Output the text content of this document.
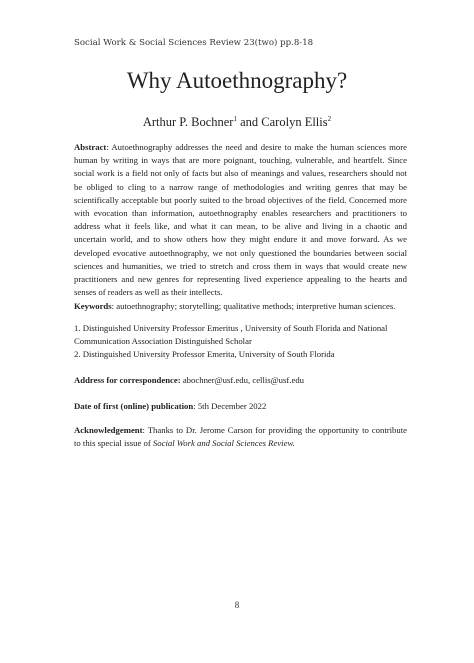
Social Work & Social Sciences Review 23(two) pp.8-18
Why Autoethnography?
Arthur P. Bochner$^1$ and Carolyn Ellis$^2$
Abstract: Autoethnography addresses the need and desire to make the human sciences more human by writing in ways that are more poignant, touching, vulnerable, and heartfelt. Since social work is a field not only of facts but also of meanings and values, researchers should not be obliged to cling to a narrow range of methodologies and writing genres that may be scientifically acceptable but poorly suited to the broad objectives of the field. Concerned more with evocation than information, autoethnography enables researchers and practitioners to address what it feels like, and what it can mean, to be alive and living in a chaotic and uncertain world, and to show others how they might endure it and move forward. As we developed evocative autoethnography, we not only questioned the boundaries between social sciences and humanities, we tried to stretch and cross them in ways that would create new practitioners and new genres for representing lived experience appealing to the hearts and senses of readers as well as their intellects.
Keywords: autoethnography; storytelling; qualitative methods; interpretive human sciences.
1. Distinguished University Professor Emeritus , University of South Florida and National Communication Association Distinguished Scholar
2. Distinguished University Professor Emerita, University of South Florida
Address for correspondence: abochner@usf.edu, cellis@usf.edu
Date of first (online) publication: 5th December 2022
Acknowledgement: Thanks to Dr. Jerome Carson for providing the opportunity to contribute to this special issue of Social Work and Social Sciences Review.
8
